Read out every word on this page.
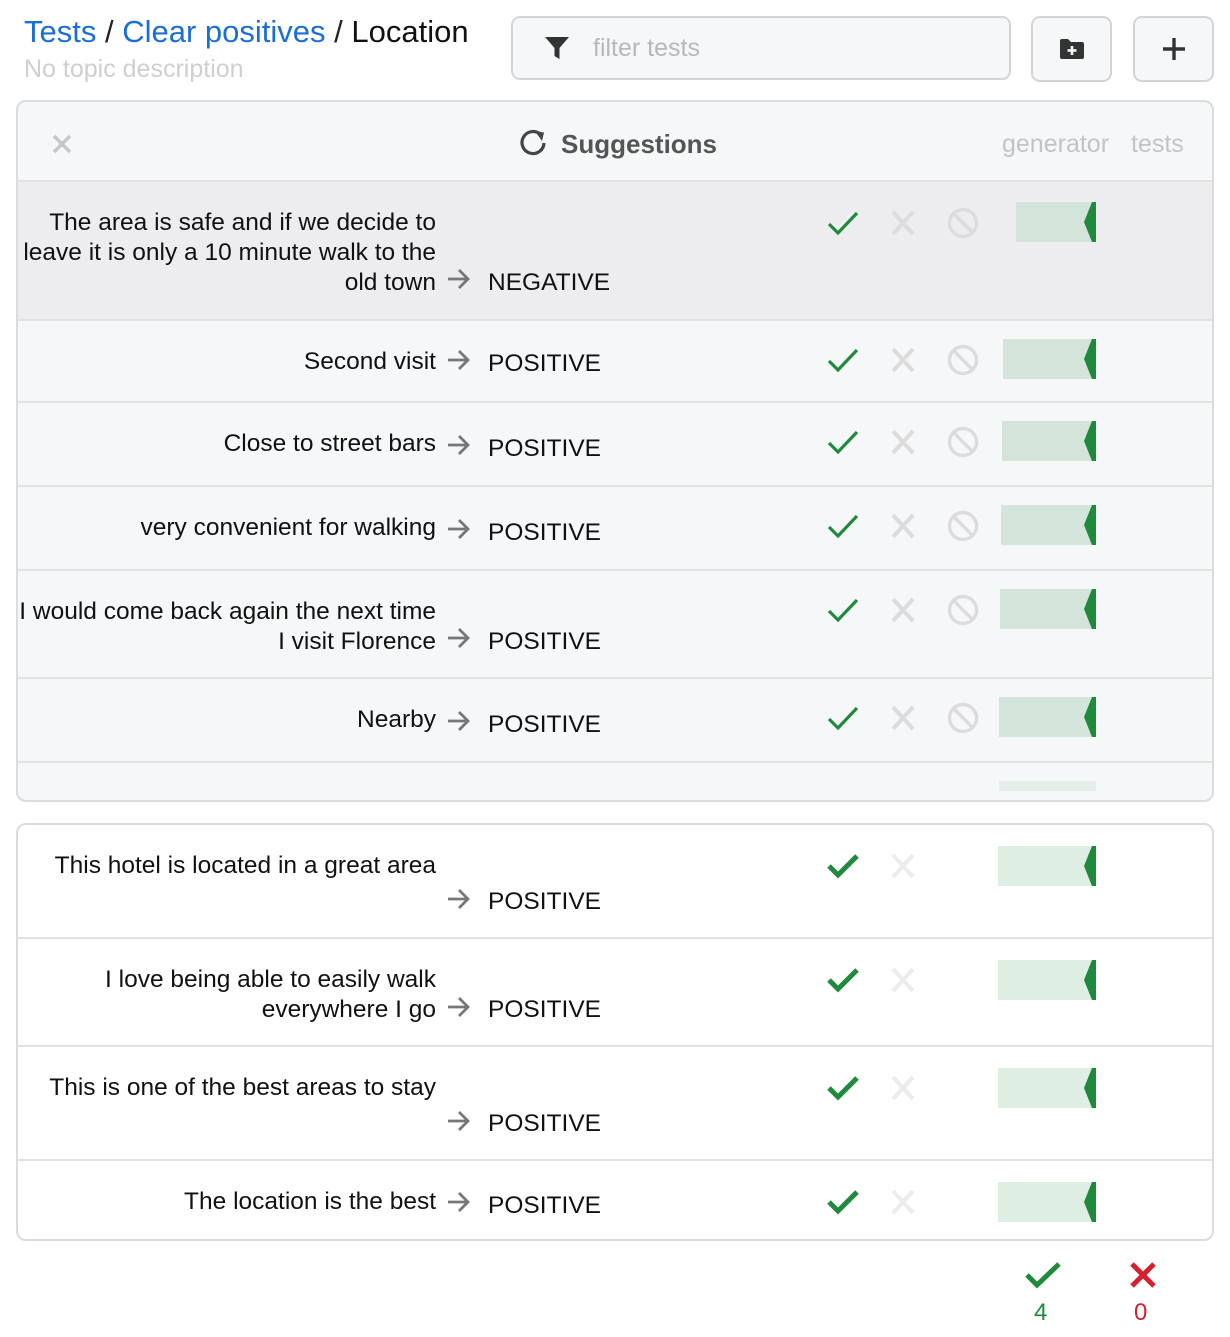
Tests / Clear positives / Location
No topic description
filter tests
Suggestions	generator tests
The area is safe and if we decide to leave it is only a 10 minute walk to the old town NEGATIVE
Second visit POSITIVE
Close to street bars POSITIVE
very convenient for walking POSITIVE
I would come back again the next time I visit Florence POSITIVE
Nearby POSITIVE
This hotel is located in a great area
POSITIVE
I love being able to easily walk everywhere I go POSITIVE
This is one of the best areas to stay
POSITIVE
The location is the best POSITIVE
4	0
